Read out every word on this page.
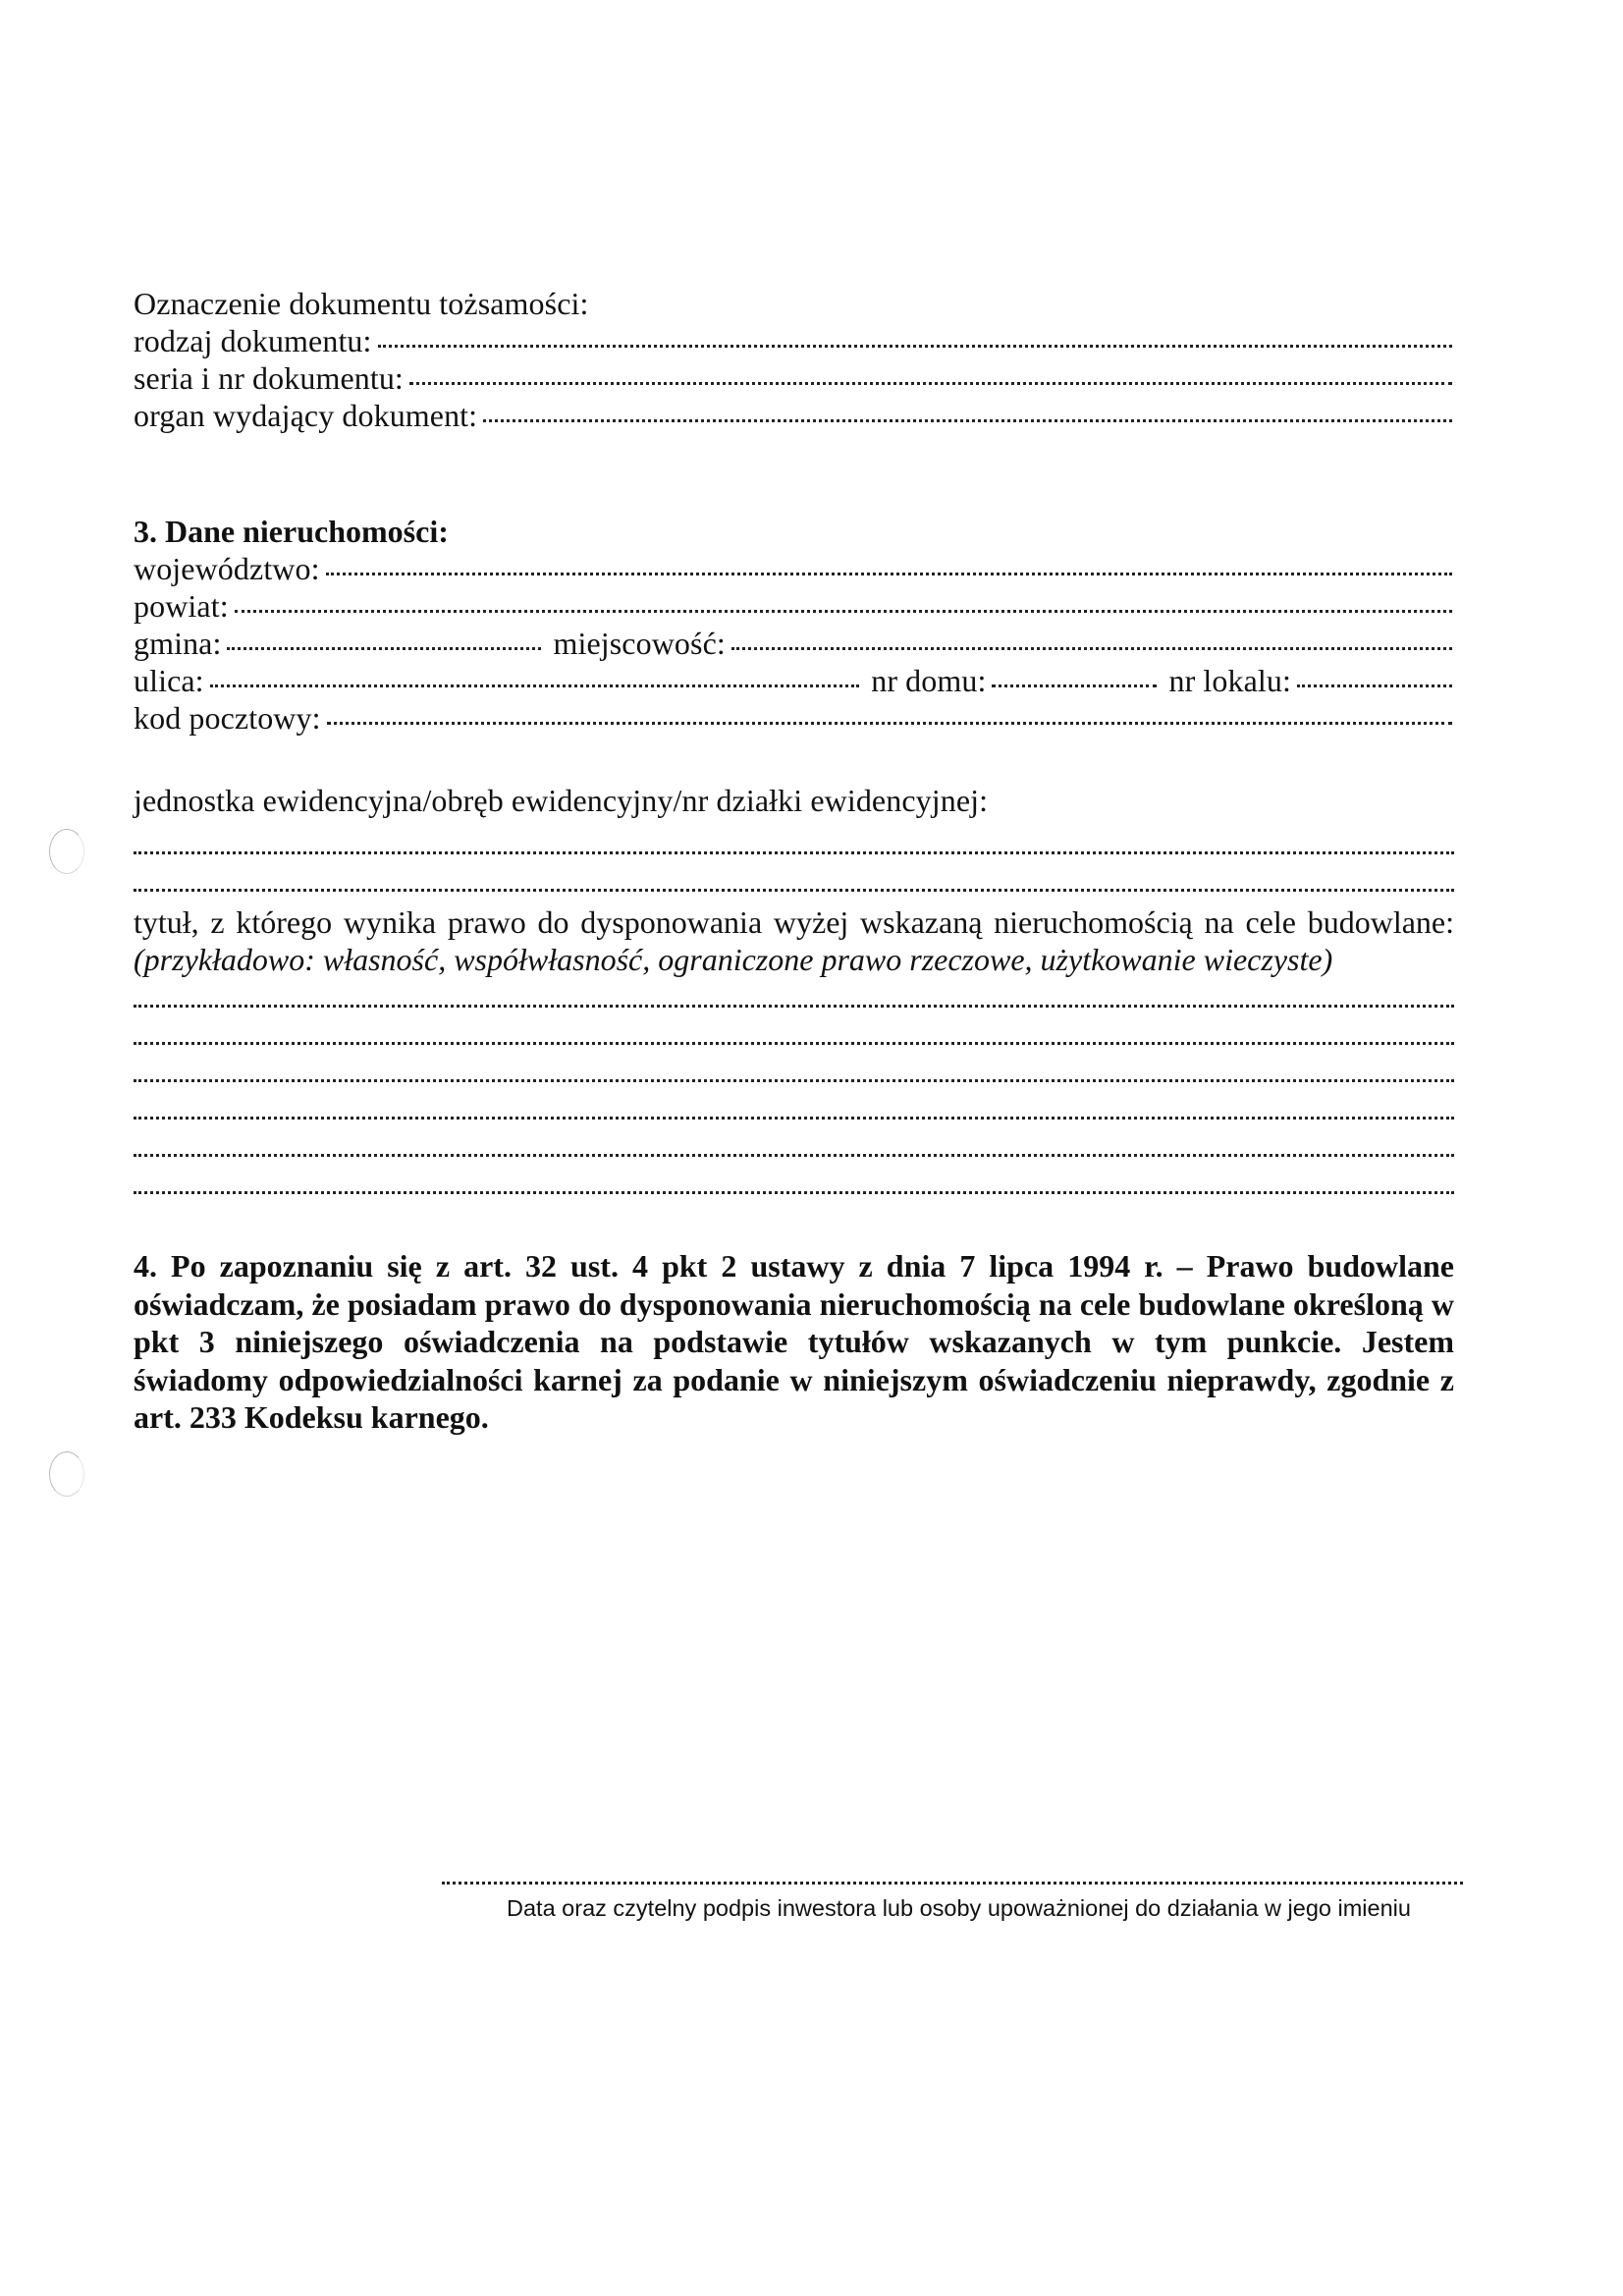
Oznaczenie dokumentu tożsamości:
rodzaj dokumentu:
seria i nr dokumentu:
organ wydający dokument:
3. Dane nieruchomości:
województwo:
powiat:
gmina:	miejscowość:
ulica:	nr domu:	nr lokalu:
kod pocztowy:
jednostka ewidencyjna/obręb ewidencyjny/nr działki ewidencyjnej:
tytuł, z którego wynika prawo do dysponowania wyżej wskazaną nieruchomością na cele budowlane: (przykładowo: własność, współwłasność, ograniczone prawo rzeczowe, użytkowanie wieczyste)
4. Po zapoznaniu się z art. 32 ust. 4 pkt 2 ustawy z dnia 7 lipca 1994 r. – Prawo budowlane oświadczam, że posiadam prawo do dysponowania nieruchomością na cele budowlane określoną w pkt 3 niniejszego oświadczenia na podstawie tytułów wskazanych w tym punkcie. Jestem świadomy odpowiedzialności karnej za podanie w niniejszym oświadczeniu nieprawdy, zgodnie z art. 233 Kodeksu karnego.
Data oraz czytelny podpis inwestora lub osoby upoważnionej do działania w jego imieniu
